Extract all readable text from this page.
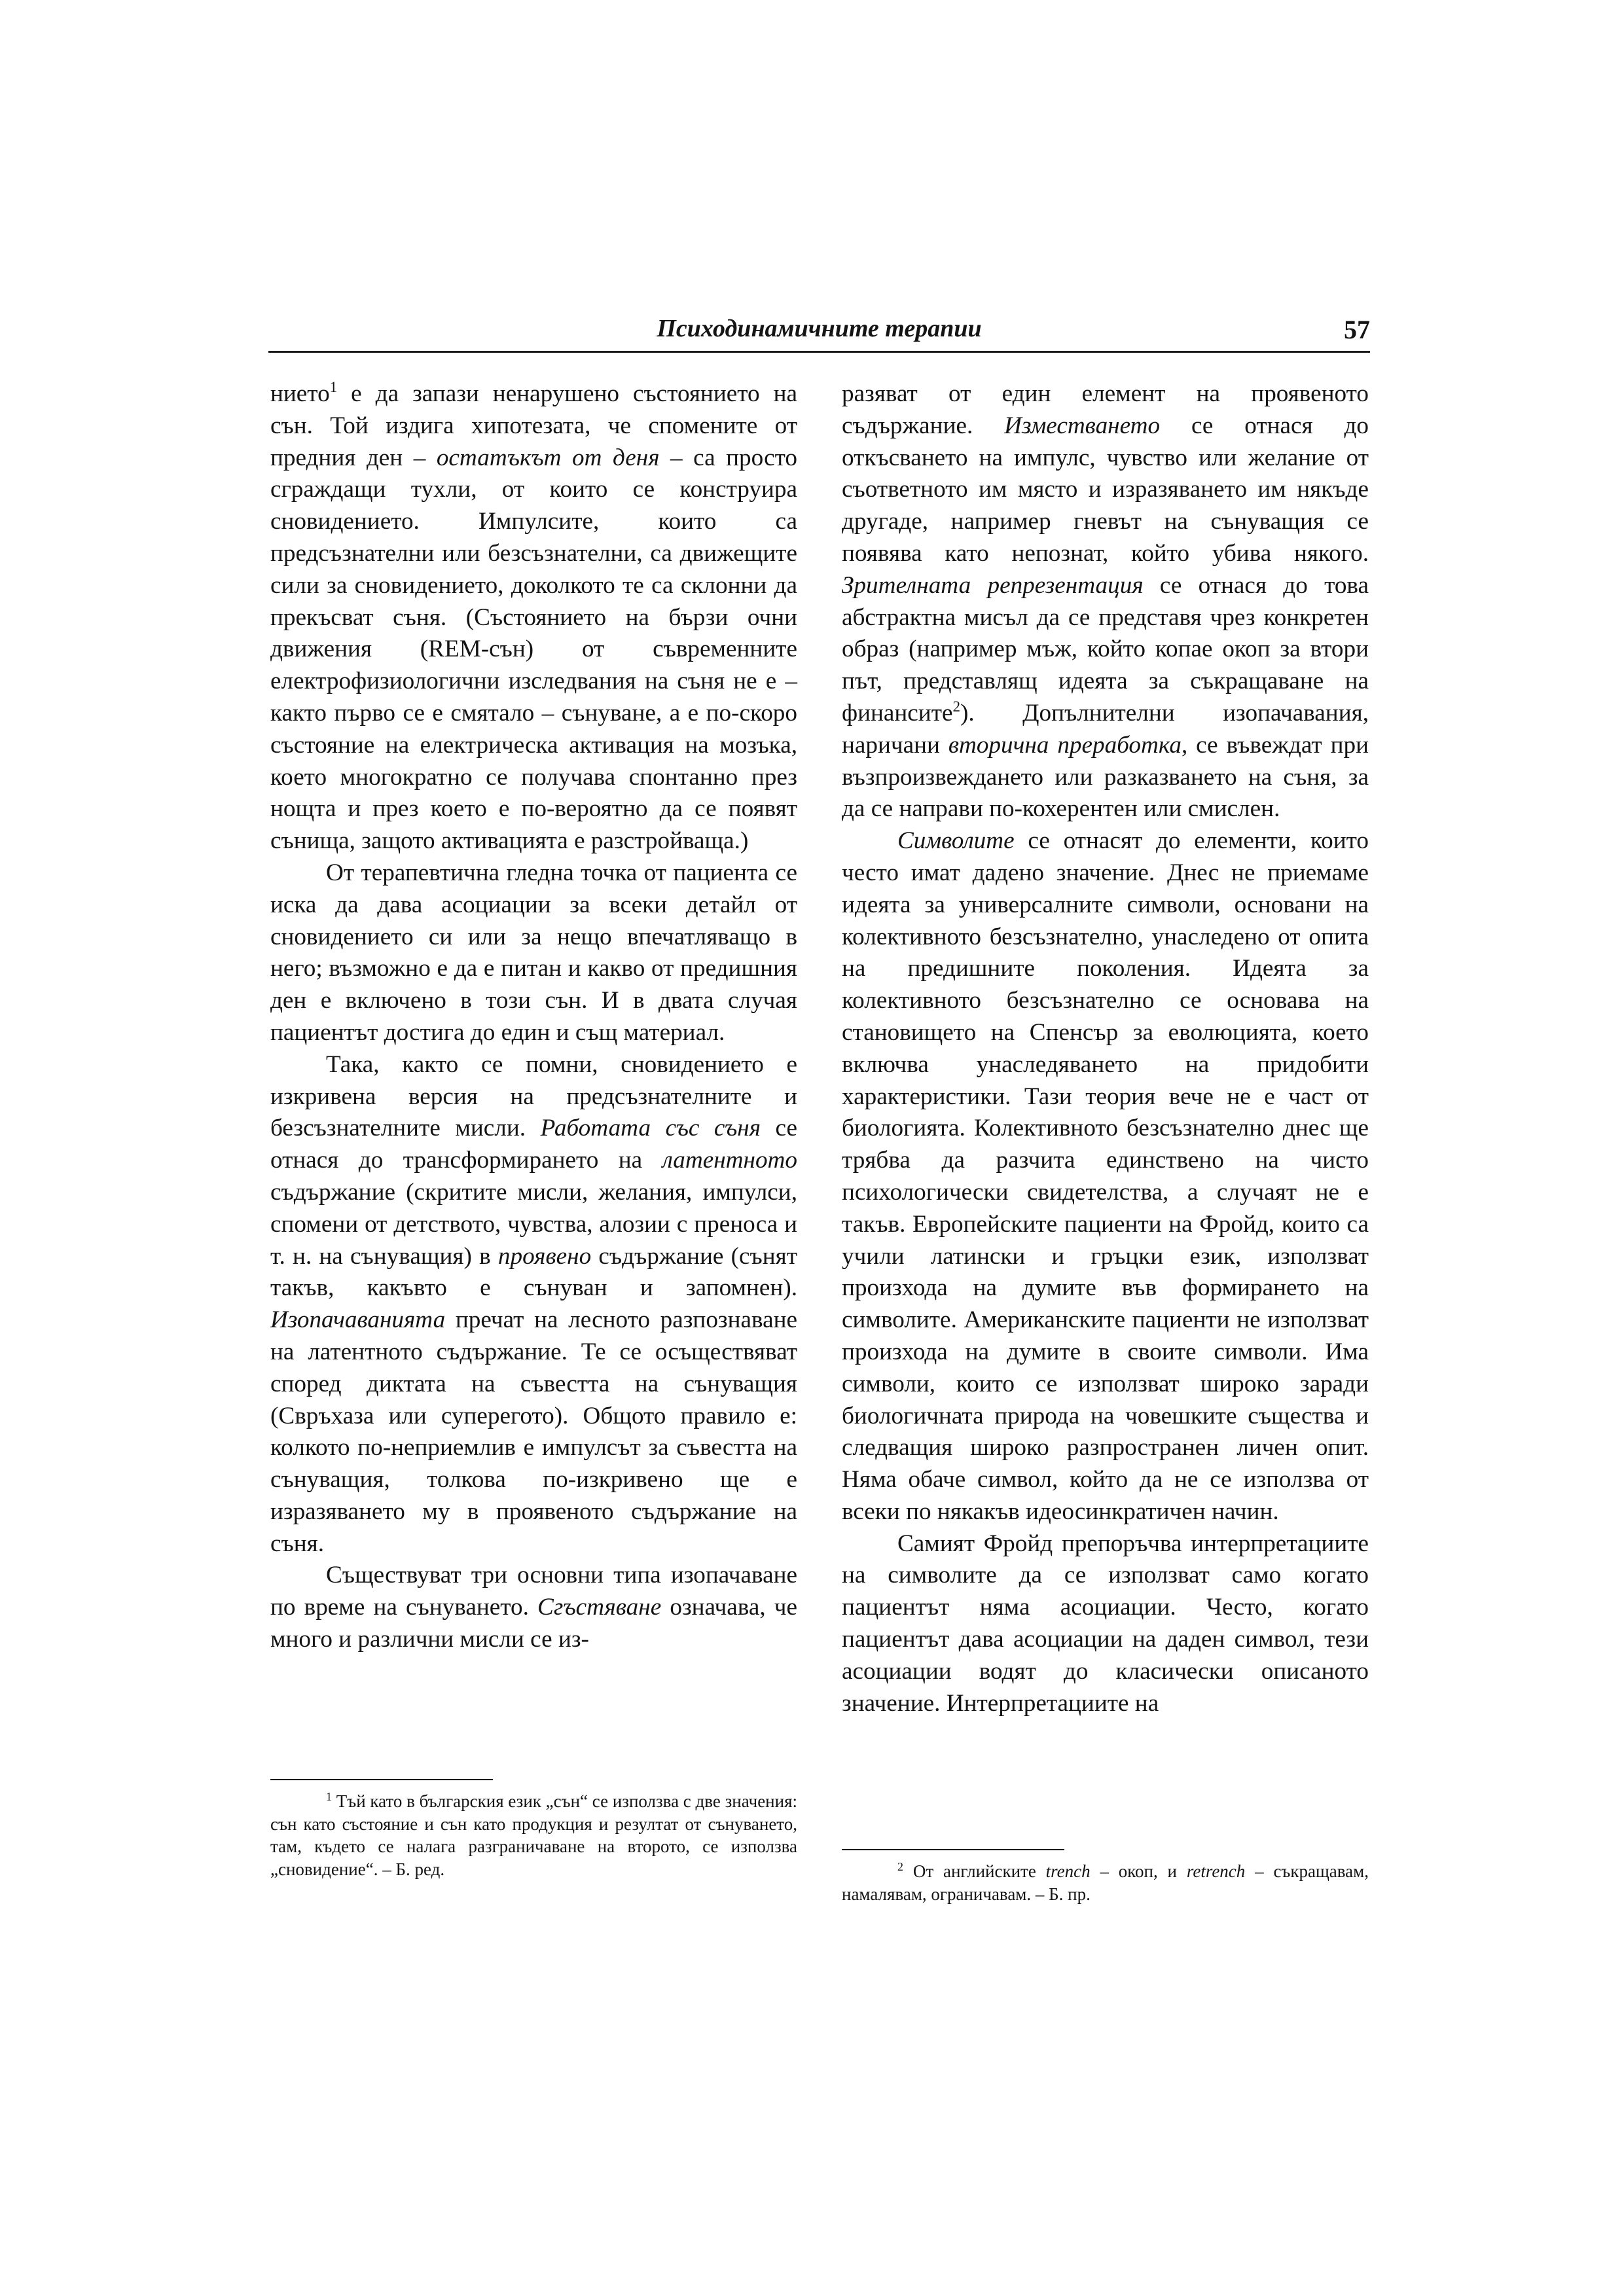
Психодинамичните терапии	57

нието$^1$ е да запази ненарушено състоянието на сън. Той издига хипотезата, че спомените от предния ден – остатъкът от деня – са просто сграждащи тухли, от които се конструира сновидението. Импулсите, които са предсъзнателни или безсъзнателни, са движещите сили за сновидението, доколкото те са склонни да прекъсват съня. (Състоянието на бързи очни движения (REM-сън) от съвременните електрофизиологични изследвания на съня не е – както първо се е смятало – сънуване, а е по-скоро състояние на електрическа активация на мозъка, което многократно се получава спонтанно през нощта и през което е по-вероятно да се появят сънища, защото активацията е разстройваща.)

От терапевтична гледна точка от пациента се иска да дава асоциации за всеки детайл от сновидението си или за нещо впечатляващо в него; възможно е да е питан и какво от предишния ден е включено в този сън. И в двата случая пациентът достига до един и същ материал.

Така, както се помни, сновидението е изкривена версия на предсъзнателните и безсъзнателните мисли. Работата със съня се отнася до трансформирането на латентното съдържание (скритите мисли, желания, импулси, спомени от детството, чувства, алозии с преноса и т. н. на сънуващия) в проявено съдържание (сънят такъв, какъвто е сънуван и запомнен). Изопачаванията пречат на лесното разпознаване на латентното съдържание. Те се осъществяват според диктата на съвестта на сънуващия (Свръхаза или суперегото). Общото правило е: колкото по-неприемлив е импулсът за съвестта на сънуващия, толкова по-изкривено ще е изразяването му в проявеното съдържание на съня.

Съществуват три основни типа изопачаване по време на сънуването. Сгъстяване означава, че много и различни мисли се из-

разяват от един елемент на проявеното съдържание. Изместването се отнася до откъсването на импулс, чувство или желание от съответното им място и изразяването им някъде другаде, например гневът на сънуващия се появява като непознат, който убива някого. Зрителната репрезентация се отнася до това абстрактна мисъл да се представя чрез конкретен образ (например мъж, който копае окоп за втори път, представлящ идеята за съкращаване на финансите$^2$). Допълнителни изопачавания, наричани вторична преработка, се въвеждат при възпроизвеждането или разказването на съня, за да се направи по-кохерентен или смислен.

Символите се отнасят до елементи, които често имат дадено значение. Днес не приемаме идеята за универсалните символи, основани на колективното безсъзнателно, унаследено от опита на предишните поколения. Идеята за колективното безсъзнателно се основава на становището на Спенсър за еволюцията, което включва унаследяването на придобити характеристики. Тази теория вече не е част от биологията. Колективното безсъзнателно днес ще трябва да разчита единствено на чисто психологически свидетелства, а случаят не е такъв. Европейските пациенти на Фройд, които са учили латински и гръцки език, използват произхода на думите във формирането на символите. Американските пациенти не използват произхода на думите в своите символи. Има символи, които се използват широко заради биологичната природа на човешките същества и следващия широко разпространен личен опит. Няма обаче символ, който да не се използва от всеки по някакъв идеосинкратичен начин.

Самият Фройд препоръчва интерпретациите на символите да се използват само когато пациентът няма асоциации. Често, когато пациентът дава асоциации на даден символ, тези асоциации водят до класически описаното значение. Интерпретациите на

$^1$ Тъй като в българския език „сън“ се използва с две значения: сън като състояние и сън като продукция и резултат от сънуването, там, където се налага разграничаване на второто, се използва „сновидение“. – Б. ред.	$^2$ От английските trench – окоп, и retrench – съкращавам, намалявам, ограничавам. – Б. пр.
